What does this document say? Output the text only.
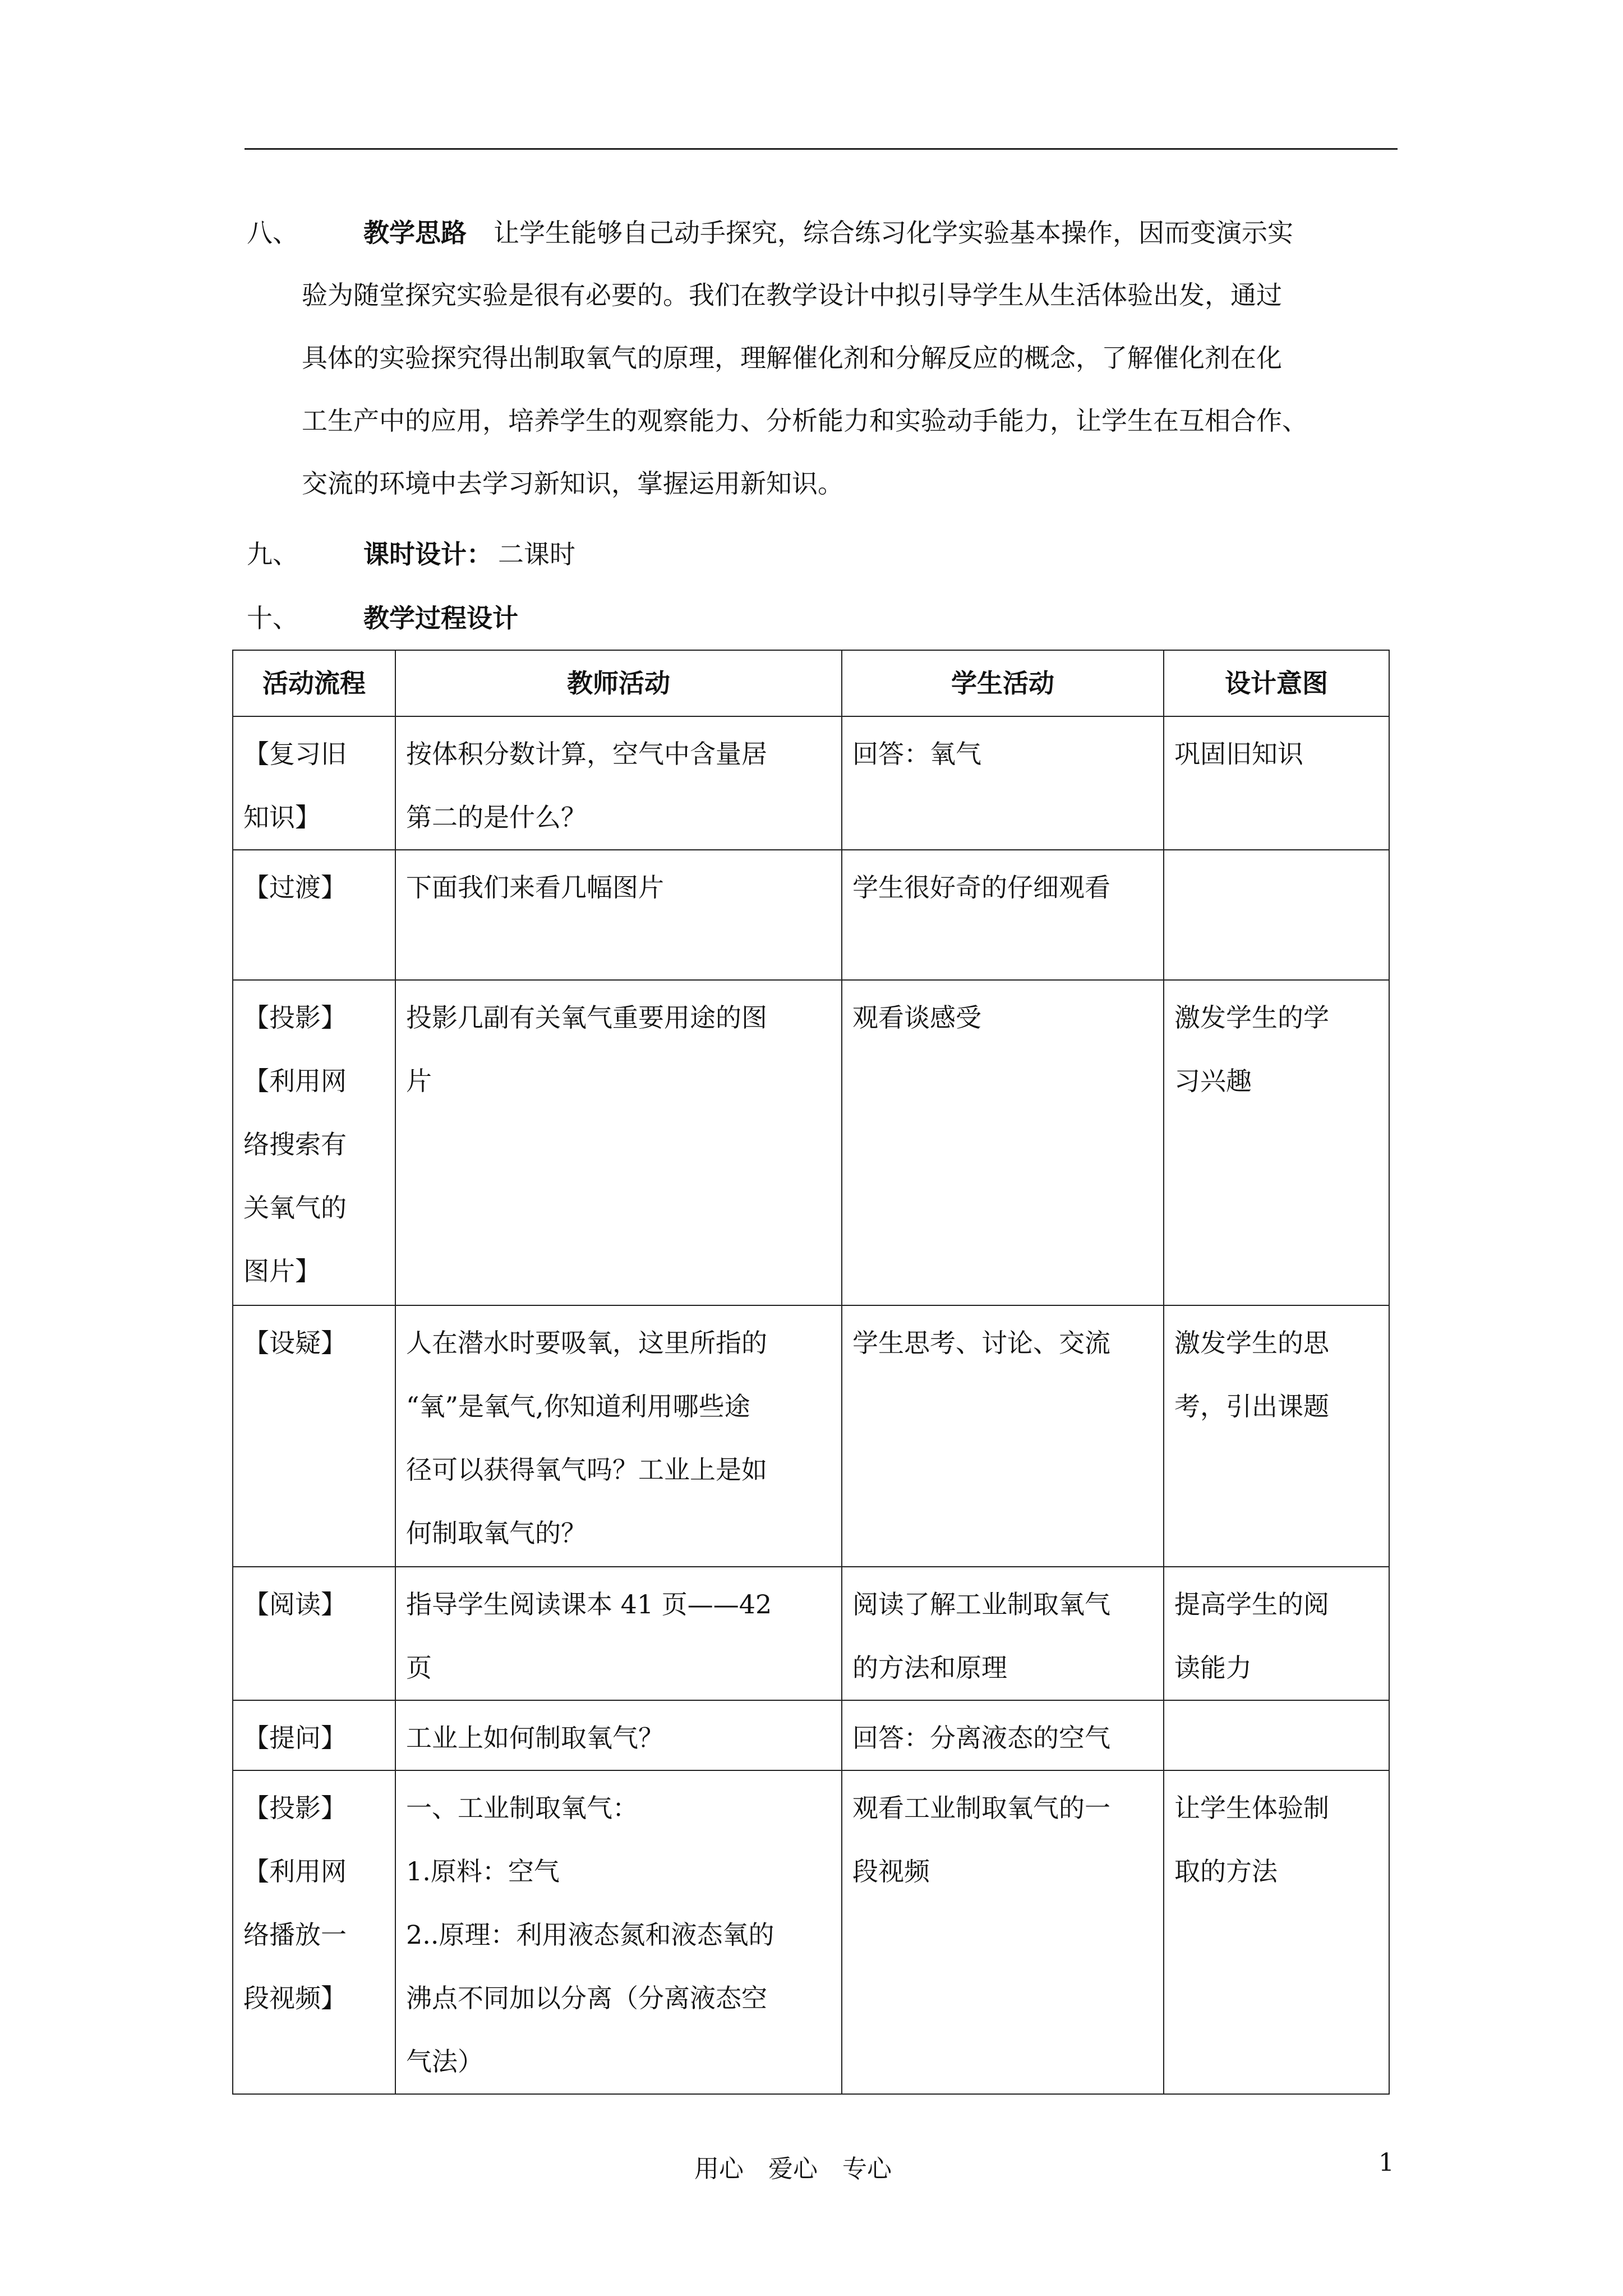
八、	教学思路 让学生能够自己动手探究，综合练习化学实验基本操作，因而变演示实
验为随堂探究实验是很有必要的。我们在教学设计中拟引导学生从生活体验出发，通过
具体的实验探究得出制取氧气的原理，理解催化剂和分解反应的概念，了解催化剂在化
工生产中的应用，培养学生的观察能力、分析能力和实验动手能力，让学生在互相合作、
交流的环境中去学习新知识，掌握运用新知识。
九、	课时设计： 二课时
十、	教学过程设计
活动流程	教师活动	学生活动	设计意图

【复习旧
知识】	按体积分数计算，空气中含量居
第二的是什么？	回答：氧气	巩固旧知识

【过渡】	下面我们来看几幅图片	学生很好奇的仔细观看	

【投影】
【利用网
络搜索有
关氧气的
图片】	投影几副有关氧气重要用途的图
片	观看谈感受	激发学生的学
习兴趣

【设疑】	人在潜水时要吸氧，这里所指的
“氧”是氧气,你知道利用哪些途
径可以获得氧气吗？工业上是如
何制取氧气的？	学生思考、讨论、交流	激发学生的思
考，引出课题

【阅读】	指导学生阅读课本 41 页——42
页	阅读了解工业制取氧气
的方法和原理	提高学生的阅
读能力

【提问】	工业上如何制取氧气？	回答：分离液态的空气	

【投影】
【利用网
络播放一
段视频】	一、工业制取氧气：
1.原料：空气
2..原理：利用液态氮和液态氧的
沸点不同加以分离（分离液态空
气法）	观看工业制取氧气的一
段视频	让学生体验制
取的方法
用心　爱心　专心	1
